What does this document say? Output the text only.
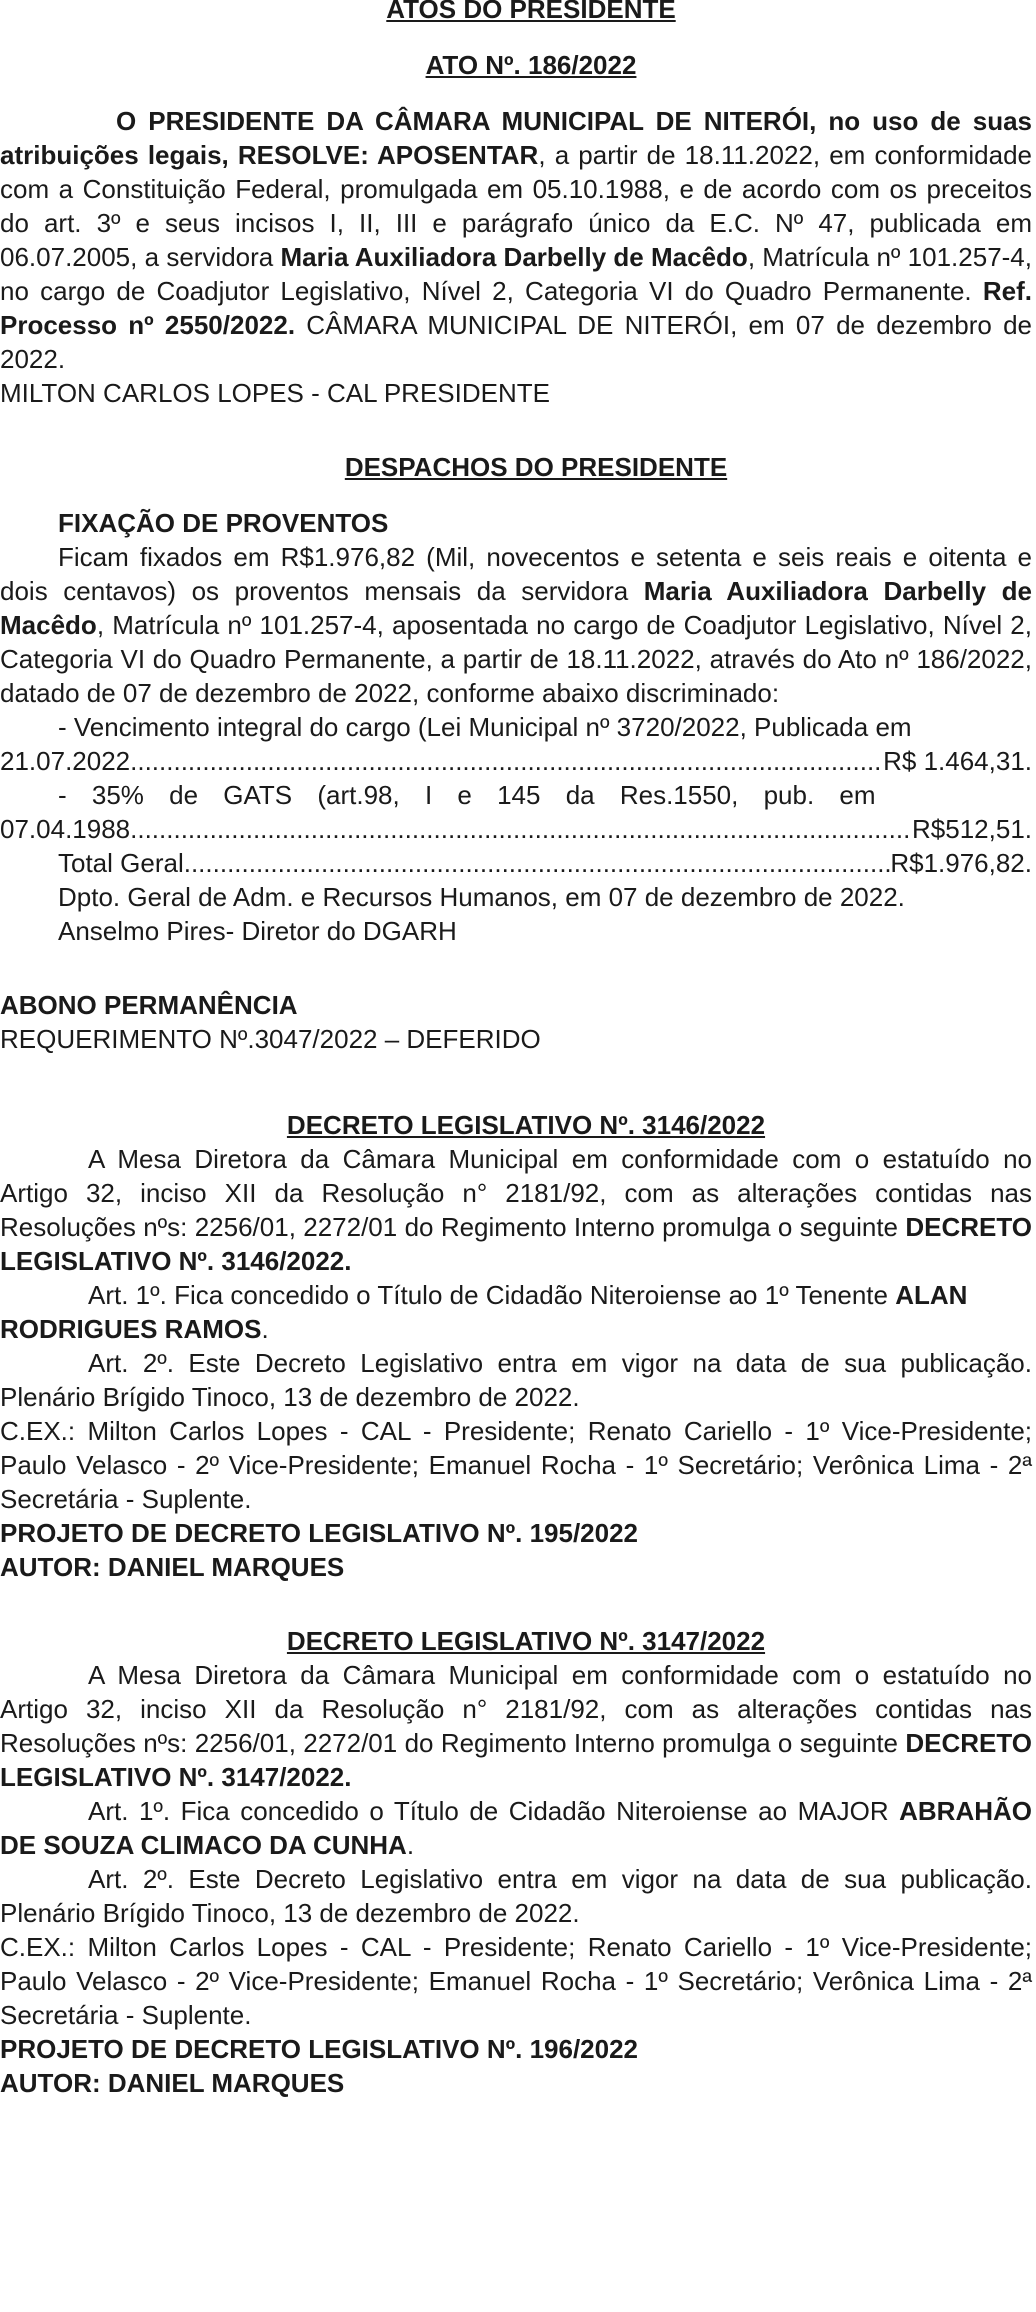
ATOS DO PRESIDENTE

ATO Nº. 186/2022

O PRESIDENTE DA CÂMARA MUNICIPAL DE NITERÓI, no uso de suas atribuições legais, RESOLVE: APOSENTAR, a partir de 18.11.2022, em conformidade com a Constituição Federal, promulgada em 05.10.1988, e de acordo com os preceitos do art. 3º e seus incisos I, II, III e parágrafo único da E.C. Nº 47, publicada em 06.07.2005, a servidora Maria Auxiliadora Darbelly de Macêdo, Matrícula nº 101.257-4, no cargo de Coadjutor Legislativo, Nível 2, Categoria VI do Quadro Permanente. Ref. Processo nº 2550/2022. CÂMARA MUNICIPAL DE NITERÓI, em 07 de dezembro de 2022.

MILTON CARLOS LOPES - CAL PRESIDENTE

DESPACHOS DO PRESIDENTE

FIXAÇÃO DE PROVENTOS

Ficam fixados em R$1.976,82 (Mil, novecentos e setenta e seis reais e oitenta e dois centavos) os proventos mensais da servidora Maria Auxiliadora Darbelly de Macêdo, Matrícula nº 101.257-4, aposentada no cargo de Coadjutor Legislativo, Nível 2, Categoria VI do Quadro Permanente, a partir de 18.11.2022, através do Ato nº 186/2022, datado de 07 de dezembro de 2022, conforme abaixo discriminado:

- Vencimento integral do cargo (Lei Municipal nº 3720/2022, Publicada em

21.07.2022 .....	R$ 1.464,31.

- 35% de GATS (art.98, I e 145 da Res.1550, pub. em

07.04.1988 .....	R$512,51.
Total Geral .....	R$1.976,82.

Dpto. Geral de Adm. e Recursos Humanos, em 07 de dezembro de 2022.

Anselmo Pires- Diretor do DGARH

ABONO PERMANÊNCIA

REQUERIMENTO Nº.3047/2022 – DEFERIDO

DECRETO LEGISLATIVO Nº. 3146/2022

A Mesa Diretora da Câmara Municipal em conformidade com o estatuído no Artigo 32, inciso XII da Resolução n° 2181/92, com as alterações contidas nas Resoluções nºs: 2256/01, 2272/01 do Regimento Interno promulga o seguinte DECRETO LEGISLATIVO Nº. 3146/2022.

Art. 1º. Fica concedido o Título de Cidadão Niteroiense ao 1º Tenente ALAN RODRIGUES RAMOS.

Art. 2º. Este Decreto Legislativo entra em vigor na data de sua publicação. Plenário Brígido Tinoco, 13 de dezembro de 2022.

C.EX.: Milton Carlos Lopes - CAL - Presidente; Renato Cariello - 1º Vice-Presidente; Paulo Velasco - 2º Vice-Presidente; Emanuel Rocha - 1º Secretário; Verônica Lima - 2ª Secretária - Suplente.

PROJETO DE DECRETO LEGISLATIVO Nº. 195/2022

AUTOR: DANIEL MARQUES

DECRETO LEGISLATIVO Nº. 3147/2022

A Mesa Diretora da Câmara Municipal em conformidade com o estatuído no Artigo 32, inciso XII da Resolução n° 2181/92, com as alterações contidas nas Resoluções nºs: 2256/01, 2272/01 do Regimento Interno promulga o seguinte DECRETO LEGISLATIVO Nº. 3147/2022.

Art. 1º. Fica concedido o Título de Cidadão Niteroiense ao MAJOR ABRAHÃO DE SOUZA CLIMACO DA CUNHA.

Art. 2º. Este Decreto Legislativo entra em vigor na data de sua publicação. Plenário Brígido Tinoco, 13 de dezembro de 2022.

C.EX.: Milton Carlos Lopes - CAL - Presidente; Renato Cariello - 1º Vice-Presidente; Paulo Velasco - 2º Vice-Presidente; Emanuel Rocha - 1º Secretário; Verônica Lima - 2ª Secretária - Suplente.

PROJETO DE DECRETO LEGISLATIVO Nº. 196/2022

AUTOR: DANIEL MARQUES
